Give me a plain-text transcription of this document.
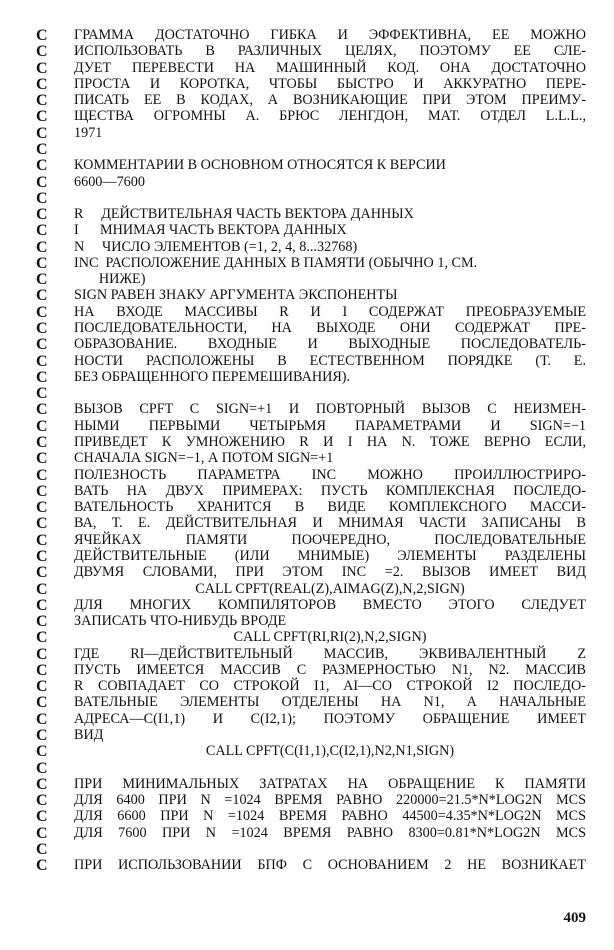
C ГРАММА ДОСТАТОЧНО ГИБКА И ЭФФЕКТИВНА, ЕЕ МОЖНО
C ИСПОЛЬЗОВАТЬ В РАЗЛИЧНЫХ ЦЕЛЯХ, ПОЭТОМУ ЕЕ СЛЕ-
C ДУЕТ ПЕРЕВЕСТИ НА МАШИННЫЙ КОД. ОНА ДОСТАТОЧНО
C ПРОСТА И КОРОТКА, ЧТОБЫ БЫСТРО И АККУРАТНО ПЕРЕ-
C ПИСАТЬ ЕЕ В КОДАХ, А ВОЗНИКАЮЩИЕ ПРИ ЭТОМ ПРЕИМУ-
C ЩЕСТВА ОГРОМНЫ А. БРЮС ЛЕНГДОН, МАТ. ОТДЕЛ L.L.L.,
C 1971
C
C КОММЕНТАРИИ В ОСНОВНОМ ОТНОСЯТСЯ К ВЕРСИИ
C 6600—7600
C
C R     ДЕЙСТВИТЕЛЬНАЯ ЧАСТЬ ВЕКТОРА ДАННЫХ
C I      МНИМАЯ ЧАСТЬ ВЕКТОРА ДАННЫХ
C N     ЧИСЛО ЭЛЕМЕНТОВ (=1, 2, 4, 8...32768)
C INC  РАСПОЛОЖЕНИЕ ДАННЫХ В ПАМЯТИ (ОБЫЧНО 1, СМ.
C НИЖЕ)
C SIGN РАВЕН ЗНАКУ АРГУМЕНТА ЭКСПОНЕНТЫ
C НА ВХОДЕ МАССИВЫ R И I СОДЕРЖАТ ПРЕОБРАЗУЕМЫЕ
C ПОСЛЕДОВАТЕЛЬНОСТИ, НА ВЫХОДЕ ОНИ СОДЕРЖАТ ПРЕ-
C ОБРАЗОВАНИЕ. ВХОДНЫЕ И ВЫХОДНЫЕ ПОСЛЕДОВАТЕЛЬ-
C НОСТИ РАСПОЛОЖЕНЫ В ЕСТЕСТВЕННОМ ПОРЯДКЕ (Т. Е.
C БЕЗ ОБРАЩЕННОГО ПЕРЕМЕШИВАНИЯ).
C
C ВЫЗОВ CPFT С SIGN=+1 И ПОВТОРНЫЙ ВЫЗОВ С НЕИЗМЕН-
C НЫМИ ПЕРВЫМИ ЧЕТЫРЬМЯ ПАРАМЕТРАМИ И SIGN=−1
C ПРИВЕДЕТ К УМНОЖЕНИЮ R И I НА N. ТОЖЕ ВЕРНО ЕСЛИ,
C СНАЧАЛА SIGN=−1, А ПОТОМ SIGN=+1
C ПОЛЕЗНОСТЬ ПАРАМЕТРА INC МОЖНО ПРОИЛЛЮСТРИРО-
C ВАТЬ НА ДВУХ ПРИМЕРАХ: ПУСТЬ КОМПЛЕКСНАЯ ПОСЛЕДО-
C ВАТЕЛЬНОСТЬ ХРАНИТСЯ В ВИДЕ КОМПЛЕКСНОГО МАССИ-
C ВА, Т. Е. ДЕЙСТВИТЕЛЬНАЯ И МНИМАЯ ЧАСТИ ЗАПИСАНЫ В
C ЯЧЕЙКАХ ПАМЯТИ ПООЧЕРЕДНО, ПОСЛЕДОВАТЕЛЬНЫЕ
C ДЕЙСТВИТЕЛЬНЫЕ (ИЛИ МНИМЫЕ) ЭЛЕМЕНТЫ РАЗДЕЛЕНЫ
C ДВУМЯ СЛОВАМИ, ПРИ ЭТОМ INC =2. ВЫЗОВ ИМЕЕТ ВИД
C	CALL CPFT(REAL(Z),AIMAG(Z),N,2,SIGN)
C ДЛЯ МНОГИХ КОМПИЛЯТОРОВ ВМЕСТО ЭТОГО СЛЕДУЕТ
C ЗАПИСАТЬ ЧТО-НИБУДЬ ВРОДЕ
C	CALL CPFT(RI,RI(2),N,2,SIGN)
C ГДЕ RI—ДЕЙСТВИТЕЛЬНЫЙ МАССИВ, ЭКВИВАЛЕНТНЫЙ Z
C ПУСТЬ ИМЕЕТСЯ МАССИВ С РАЗМЕРНОСТЬЮ N1, N2. МАССИВ
C R СОВПАДАЕТ СО СТРОКОЙ I1, AI—СО СТРОКОЙ I2 ПОСЛЕДО-
C ВАТЕЛЬНЫЕ ЭЛЕМЕНТЫ ОТДЕЛЕНЫ НА N1, А НАЧАЛЬНЫЕ
C АДРЕСА—C(I1,1) И C(I2,1); ПОЭТОМУ ОБРАЩЕНИЕ ИМЕЕТ
C ВИД
C	CALL CPFT(C(I1,1),C(I2,1),N2,N1,SIGN)
C
C ПРИ МИНИМАЛЬНЫХ ЗАТРАТАХ НА ОБРАЩЕНИЕ К ПАМЯТИ
C ДЛЯ 6400 ПРИ N =1024 ВРЕМЯ РАВНО 220000=21.5*N*LOG2N MCS
C ДЛЯ 6600 ПРИ N =1024 ВРЕМЯ РАВНО 44500=4.35*N*LOG2N MCS
C ДЛЯ 7600 ПРИ N =1024 ВРЕМЯ РАВНО 8300=0.81*N*LOG2N MCS
C
C ПРИ ИСПОЛЬЗОВАНИИ БПФ С ОСНОВАНИЕМ 2 НЕ ВОЗНИКАЕТ
409
